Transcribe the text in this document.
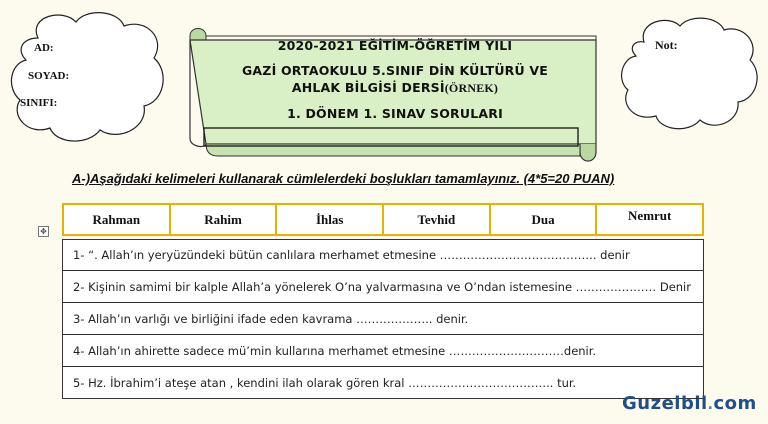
AD:
SOYAD:
SINIFI:
Not:
2020-2021 EĞİTİM-ÖĞRETİM YILI
GAZİ ORTAOKULU 5.SINIF DİN KÜLTÜRÜ VE
AHLAK BİLGİSİ DERSİ(ÖRNEK)
1. DÖNEM 1. SINAV SORULARI
A-)Aşağıdaki kelimeleri kullanarak cümlelerdeki boşlukları tamamlayınız. (4*5=20 PUAN)
✥
Rahman	Rahim	İhlas	Tevhid	Dua	Nemrut
1- “. Allah’ın yeryüzündeki bütün canlılara merhamet etmesine ………………………………….. denir
2- Kişinin samimi bir kalple Allah’a yönelerek O’na yalvarmasına ve O’ndan istemesine ………………… Denir
3- Allah’ın varlığı ve birliğini ifade eden kavrama ……………….. denir.
4- Allah’ın ahirette sadece mü’min kullarına merhamet etmesine …………………………denir.
5- Hz. İbrahim’i ateşe atan , kendini ilah olarak gören kral ……………………………….. tur.
Guzelbil.com
